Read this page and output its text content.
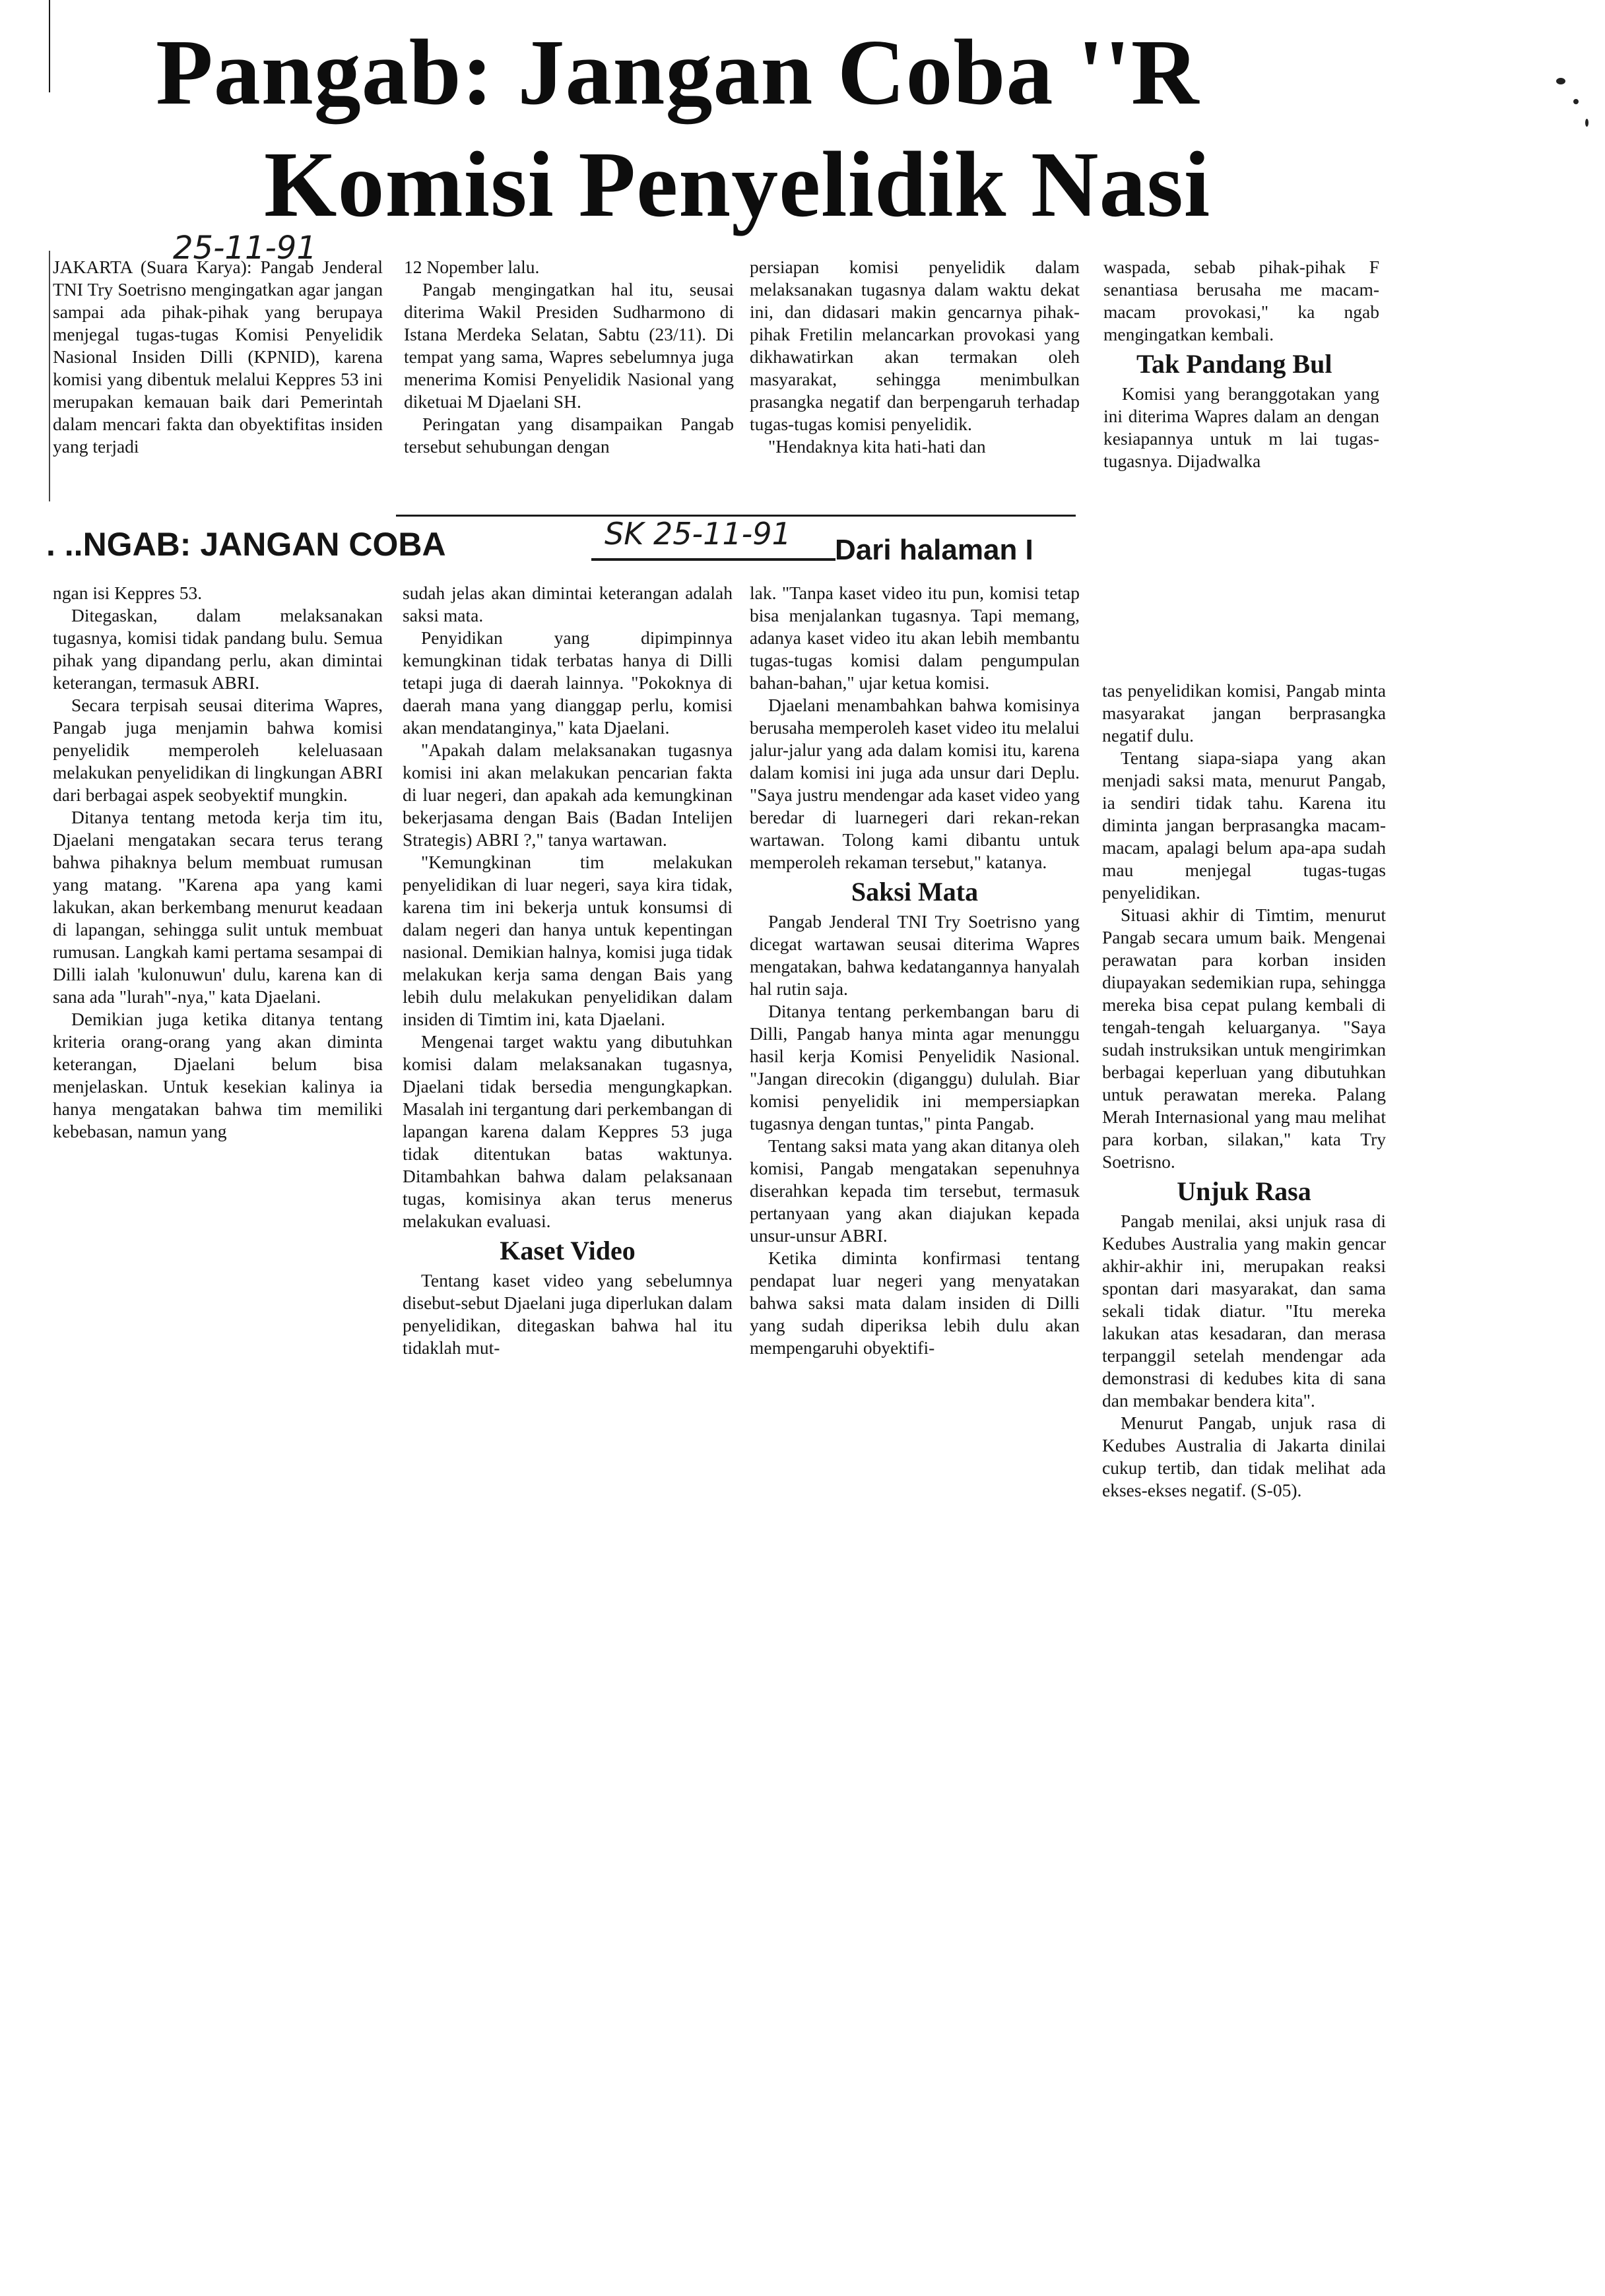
Pangab: Jangan Coba ''R
Komisi Penyelidik Nasi
25-11-91

JAKARTA (Suara Karya): Pangab Jenderal TNI Try Soetrisno mengingatkan agar jangan sampai ada pihak-pihak yang berupaya menjegal tugas-tugas Komisi Penyelidik Nasional Insiden Dilli (KPNID), karena komisi yang dibentuk melalui Keppres 53 ini merupakan kemauan baik dari Pemerintah dalam mencari fakta dan obyektifitas insiden yang terjadi

12 Nopember lalu.

Pangab mengingatkan hal itu, seusai diterima Wakil Presiden Sudharmono di Istana Merdeka Selatan, Sabtu (23/11). Di tempat yang sama, Wapres sebelumnya juga menerima Komisi Penyelidik Nasional yang diketuai M Djaelani SH.

Peringatan yang disampaikan Pangab tersebut sehubungan dengan

persiapan komisi penyelidik dalam melaksanakan tugasnya dalam waktu dekat ini, dan didasari makin gencarnya pihak-pihak Fretilin melancarkan provokasi yang dikhawatirkan akan termakan oleh masyarakat, sehingga menimbulkan prasangka negatif dan berpengaruh terhadap tugas-tugas komisi penyelidik.

"Hendaknya kita hati-hati dan

waspada, sebab pihak-pihak F senantiasa berusaha me macam-macam provokasi," ka ngab mengingatkan kembali.

Tak Pandang Bul

Komisi yang beranggotakan yang ini diterima Wapres dalam an dengan kesiapannya untuk m lai tugas-tugasnya. Dijadwalka

. ..NGAB: JANGAN COBA	SK 25-11-91 Dari halaman I

ngan isi Keppres 53.

Ditegaskan, dalam melaksanakan tugasnya, komisi tidak pandang bulu. Semua pihak yang dipandang perlu, akan dimintai keterangan, termasuk ABRI.

Secara terpisah seusai diterima Wapres, Pangab juga menjamin bahwa komisi penyelidik memperoleh keleluasaan melakukan penyelidikan di lingkungan ABRI dari berbagai aspek seobyektif mungkin.

Ditanya tentang metoda kerja tim itu, Djaelani mengatakan secara terus terang bahwa pihaknya belum membuat rumusan yang matang. "Karena apa yang kami lakukan, akan berkembang menurut keadaan di lapangan, sehingga sulit untuk membuat rumusan. Langkah kami pertama sesampai di Dilli ialah 'kulonuwun' dulu, karena kan di sana ada "lurah"-nya," kata Djaelani.

Demikian juga ketika ditanya tentang kriteria orang-orang yang akan diminta keterangan, Djaelani belum bisa menjelaskan. Untuk kesekian kalinya ia hanya mengatakan bahwa tim memiliki kebebasan, namun yang

sudah jelas akan dimintai keterangan adalah saksi mata.

Penyidikan yang dipimpinnya kemungkinan tidak terbatas hanya di Dilli tetapi juga di daerah lainnya. "Pokoknya di daerah mana yang dianggap perlu, komisi akan mendatanginya," kata Djaelani.

"Apakah dalam melaksanakan tugasnya komisi ini akan melakukan pencarian fakta di luar negeri, dan apakah ada kemungkinan bekerjasama dengan Bais (Badan Intelijen Strategis) ABRI ?," tanya wartawan.

"Kemungkinan tim melakukan penyelidikan di luar negeri, saya kira tidak, karena tim ini bekerja untuk konsumsi di dalam negeri dan hanya untuk kepentingan nasional. Demikian halnya, komisi juga tidak melakukan kerja sama dengan Bais yang lebih dulu melakukan penyelidikan dalam insiden di Timtim ini, kata Djaelani.

Mengenai target waktu yang dibutuhkan komisi dalam melaksanakan tugasnya, Djaelani tidak bersedia mengungkapkan. Masalah ini tergantung dari perkembangan di lapangan karena dalam Keppres 53 juga tidak ditentukan batas waktunya. Ditambahkan bahwa dalam pelaksanaan tugas, komisinya akan terus menerus melakukan evaluasi.

Kaset Video

Tentang kaset video yang sebelumnya disebut-sebut Djaelani juga diperlukan dalam penyelidikan, ditegaskan bahwa hal itu tidaklah mut-

lak. "Tanpa kaset video itu pun, komisi tetap bisa menjalankan tugasnya. Tapi memang, adanya kaset video itu akan lebih membantu tugas-tugas komisi dalam pengumpulan bahan-bahan," ujar ketua komisi.

Djaelani menambahkan bahwa komisinya berusaha memperoleh kaset video itu melalui jalur-jalur yang ada dalam komisi itu, karena dalam komisi ini juga ada unsur dari Deplu. "Saya justru mendengar ada kaset video yang beredar di luarnegeri dari rekan-rekan wartawan. Tolong kami dibantu untuk memperoleh rekaman tersebut," katanya.

Saksi Mata

Pangab Jenderal TNI Try Soetrisno yang dicegat wartawan seusai diterima Wapres mengatakan, bahwa kedatangannya hanyalah hal rutin saja.

Ditanya tentang perkembangan baru di Dilli, Pangab hanya minta agar menunggu hasil kerja Komisi Penyelidik Nasional. "Jangan direcokin (diganggu) dululah. Biar komisi penyelidik ini mempersiapkan tugasnya dengan tuntas," pinta Pangab.

Tentang saksi mata yang akan ditanya oleh komisi, Pangab mengatakan sepenuhnya diserahkan kepada tim tersebut, termasuk pertanyaan yang akan diajukan kepada unsur-unsur ABRI.

Ketika diminta konfirmasi tentang pendapat luar negeri yang menyatakan bahwa saksi mata dalam insiden di Dilli yang sudah diperiksa lebih dulu akan mempengaruhi obyektifi-

tas penyelidikan komisi, Pangab minta masyarakat jangan berprasangka negatif dulu.

Tentang siapa-siapa yang akan menjadi saksi mata, menurut Pangab, ia sendiri tidak tahu. Karena itu diminta jangan berprasangka macam-macam, apalagi belum apa-apa sudah mau menjegal tugas-tugas penyelidikan.

Situasi akhir di Timtim, menurut Pangab secara umum baik. Mengenai perawatan para korban insiden diupayakan sedemikian rupa, sehingga mereka bisa cepat pulang kembali di tengah-tengah keluarganya. "Saya sudah instruksikan untuk mengirimkan berbagai keperluan yang dibutuhkan untuk perawatan mereka. Palang Merah Internasional yang mau melihat para korban, silakan," kata Try Soetrisno.

Unjuk Rasa

Pangab menilai, aksi unjuk rasa di Kedubes Australia yang makin gencar akhir-akhir ini, merupakan reaksi spontan dari masyarakat, dan sama sekali tidak diatur. "Itu mereka lakukan atas kesadaran, dan merasa terpanggil setelah mendengar ada demonstrasi di kedubes kita di sana dan membakar bendera kita".

Menurut Pangab, unjuk rasa di Kedubes Australia di Jakarta dinilai cukup tertib, dan tidak melihat ada ekses-ekses negatif. (S-05).
